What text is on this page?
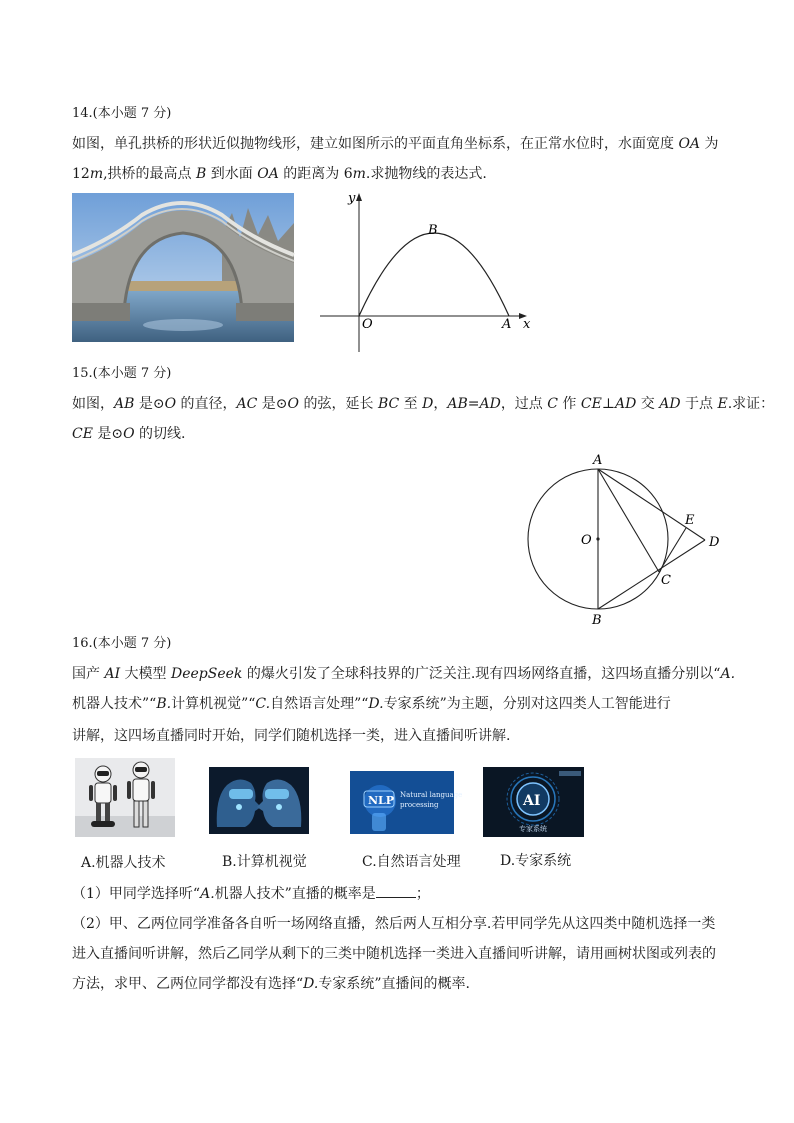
14.(本小题 7 分)
如图，单孔拱桥的形状近似抛物线形，建立如图所示的平面直角坐标系，在正常水位时，水面宽度 OA 为
12m,拱桥的最高点 B 到水面 OA 的距离为 6m.求抛物线的表达式.
y
x
O	A
B
15.(本小题 7 分)
如图，AB 是⊙O 的直径，AC 是⊙O 的弦，延长 BC 至 D，AB=AD，过点 C 作 CE⊥AD 交 AD 于点 E.求证：
CE 是⊙O 的切线.
A
B
C
D
E
O
16.(本小题 7 分)
国产 AI 大模型 DeepSeek 的爆火引发了全球科技界的广泛关注.现有四场网络直播，这四场直播分别以“A.
机器人技术”“B.计算机视觉”“C.自然语言处理”“D.专家系统”为主题，分别对这四类人工智能进行
讲解，这四场直播同时开始，同学们随机选择一类，进入直播间听讲解.
NLP Natural language
processing	AI
专家系统
A.机器人技术	B.计算机视觉	C.自然语言处理	D.专家系统
（1）甲同学选择听“A.机器人技术”直播的概率是	；
（2）甲、乙两位同学准备各自听一场网络直播，然后两人互相分享.若甲同学先从这四类中随机选择一类
进入直播间听讲解，然后乙同学从剩下的三类中随机选择一类进入直播间听讲解，请用画树状图或列表的
方法，求甲、乙两位同学都没有选择“D.专家系统”直播间的概率.
